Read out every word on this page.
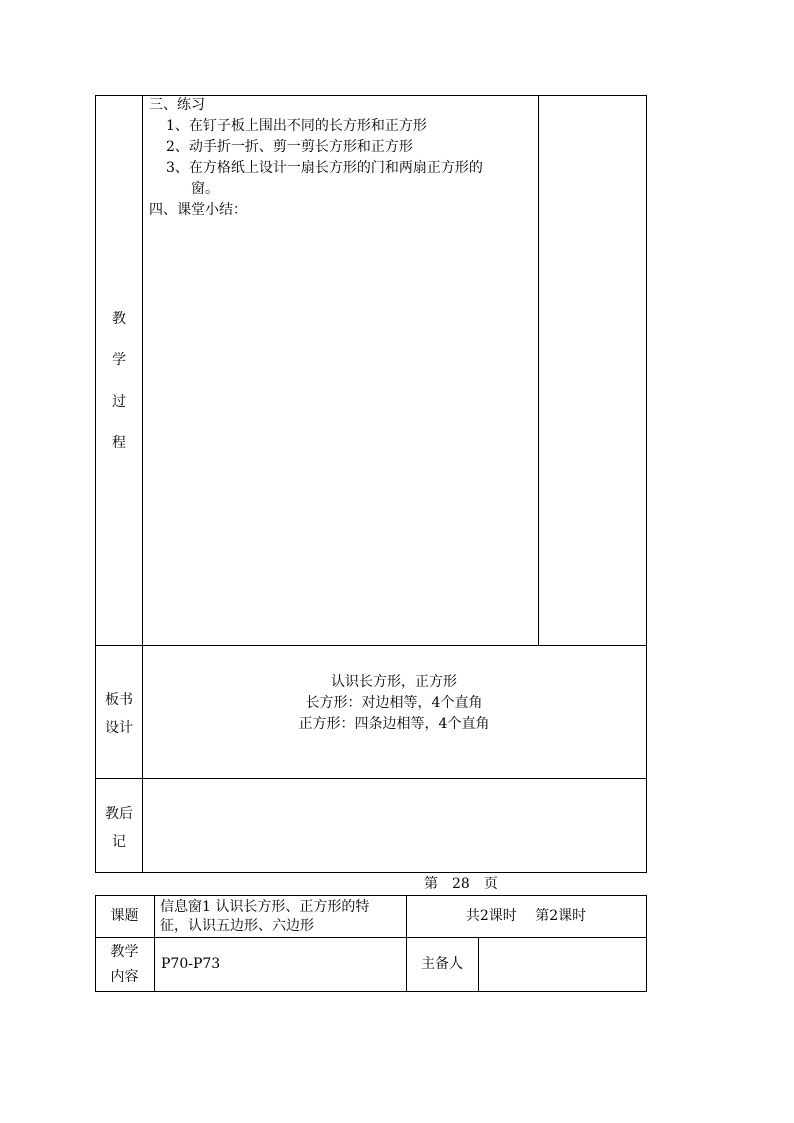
教
学
过
程
三、练习
1、在钉子板上围出不同的长方形和正方形
2、动手折一折、剪一剪长方形和正方形
3、在方格纸上设计一扇长方形的门和两扇正方形的
窗。
四、课堂小结：
板书
设计
认识长方形，正方形
长方形：对边相等，4个直角
正方形：四条边相等，4个直角
教后
记
第　28　页
课题
信息窗1 认识长方形、正方形的特
征，认识五边形、六边形
共2课时　 第2课时
教学
内容
P70-P73	主备人
